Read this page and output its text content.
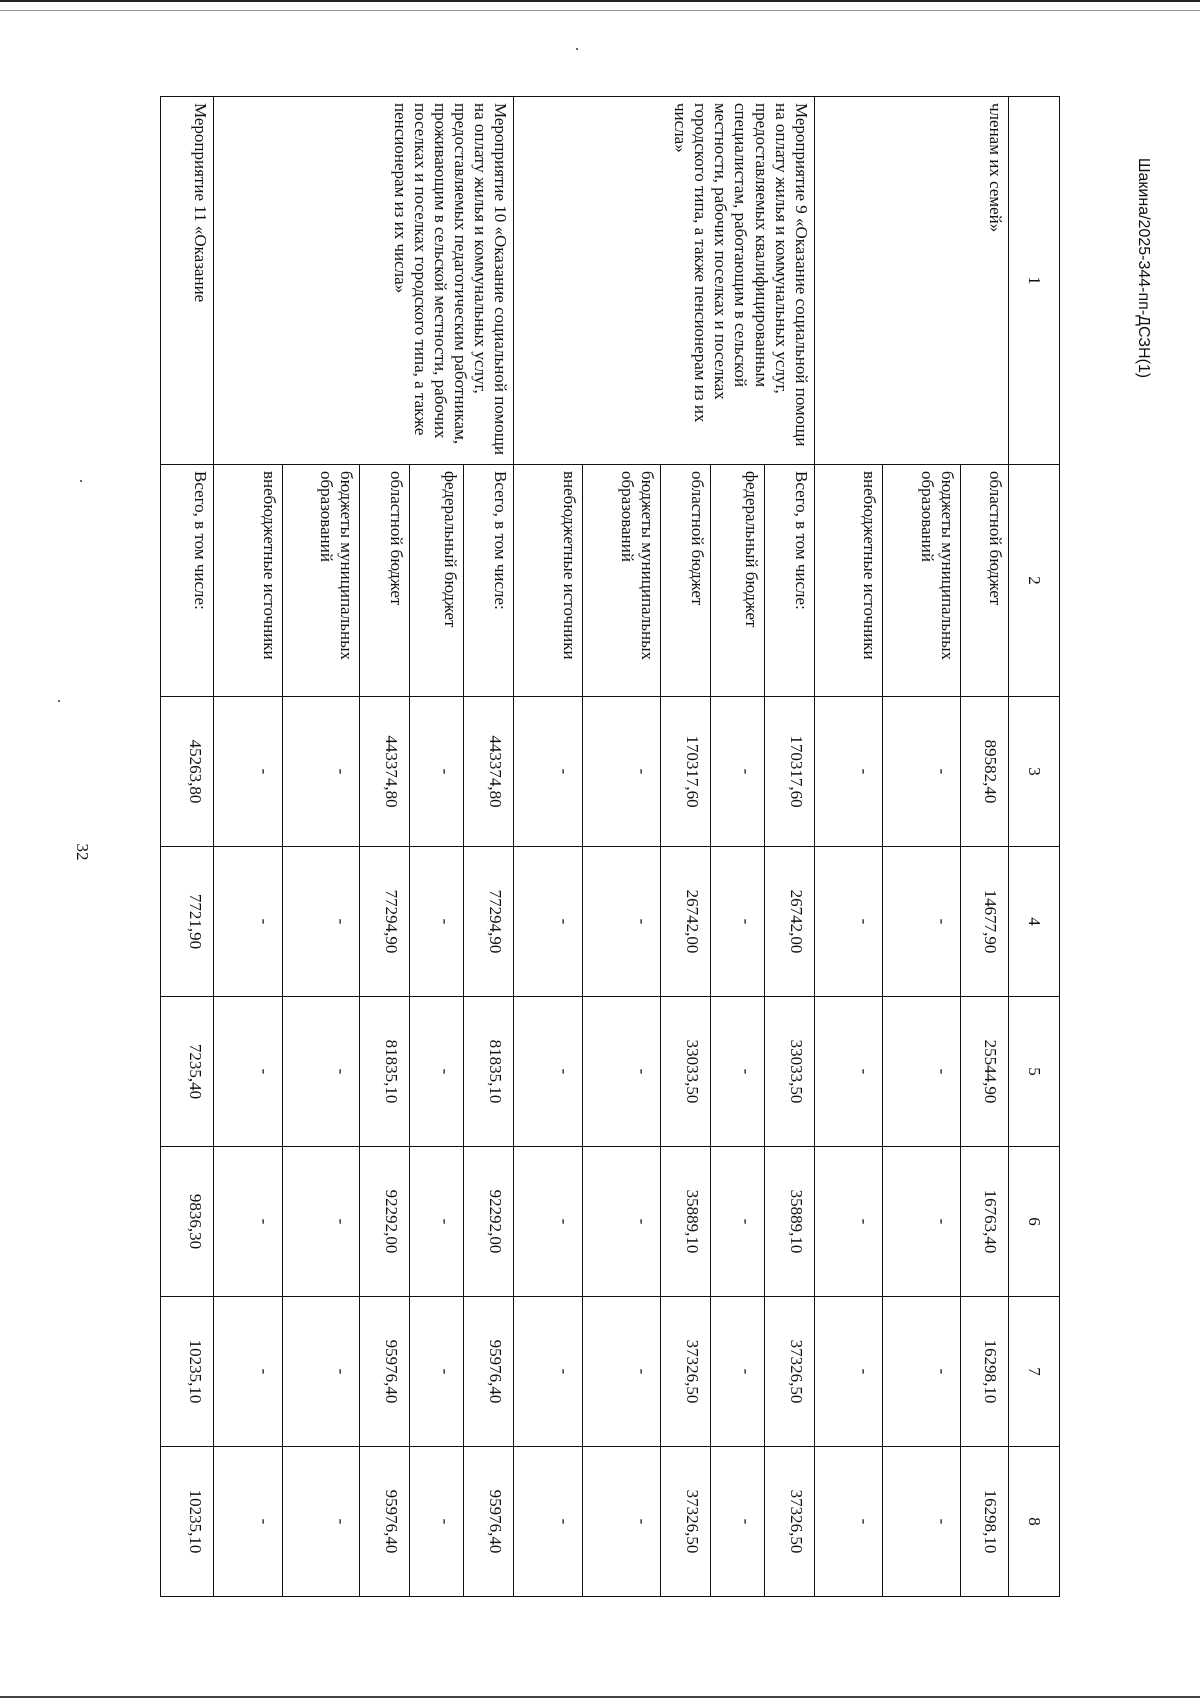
32
Шакина/2025-344-пп-ДСЗН(1)
1	2	3	4	5	6	7	8
членам их семей»	областной бюджет	89582,40	14677,90	25544,90	16763,40	16298,10	16298,10
	бюджеты муниципальных образований	-	-	-	-	-	-
	внебюджетные источники	-	-	-	-	-	-
Мероприятие 9 «Оказание социальной помощи на оплату жилья и коммунальных услуг, предоставляемых квалифицированным специалистам, работающим в сельской местности, рабочих поселках и поселках городского типа, а также пенсионерам из их числа»	Всего, в том числе:	170317,60	26742,00	33033,50	35889,10	37326,50	37326,50
	федеральный бюджет	-	-	-	-	-	-
	областной бюджет	170317,60	26742,00	33033,50	35889,10	37326,50	37326,50
	бюджеты муниципальных образований	-	-	-	-	-	-
	внебюджетные источники	-	-	-	-	-	-
Мероприятие 10 «Оказание социальной помощи на оплату жилья и коммунальных услуг, предоставляемых педагогическим работникам, проживающим в сельской местности, рабочих поселках и поселках городского типа, а также пенсионерам из их числа»	Всего, в том числе:	443374,80	77294,90	81835,10	92292,00	95976,40	95976,40
	федеральный бюджет	-	-	-	-	-	-
	областной бюджет	443374,80	77294,90	81835,10	92292,00	95976,40	95976,40
	бюджеты муниципальных образований	-	-	-	-	-	-
	внебюджетные источники	-	-	-	-	-	-
Мероприятие 11 «Оказание	Всего, в том числе:	45263,80	7721,90	7235,40	9836,30	10235,10	10235,10
